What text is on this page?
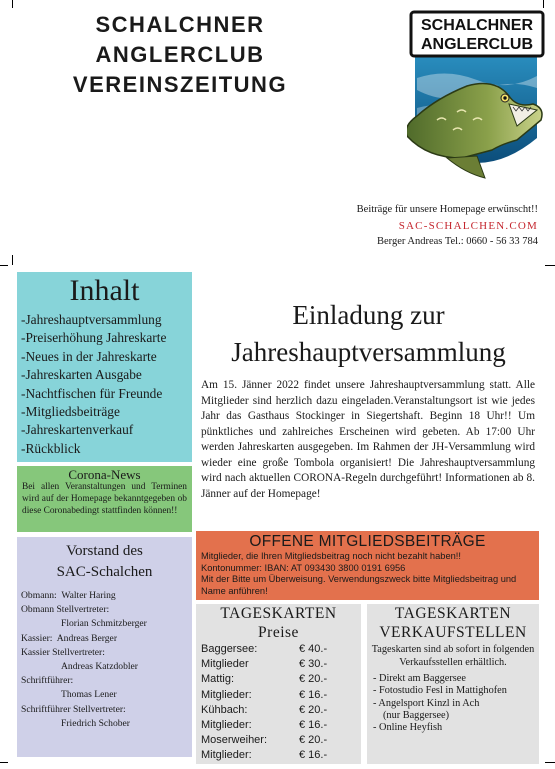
SCHALCHNER ANGLERCLUB
VEREINSZEITUNG
SCHALCHNER
ANGLERCLUB
Beiträge für unsere Homepage erwünscht!!
SAC-SCHALCHEN.COM
Berger Andreas Tel.: 0660 - 56 33 784
Inhalt
-Jahreshauptversammlung
-Preiserhöhung Jahreskarte
-Neues in der Jahreskarte
-Jahreskarten Ausgabe
-Nachtfischen für Freunde
-Mitgliedsbeiträge
-Jahreskartenverkauf
-Rückblick
Corona-News
Bei allen Veranstaltungen und Terminen wird auf der Homepage bekanntgegeben ob diese Coronabedingt stattfinden können!!
Vorstand des
SAC-Schalchen
Obmann: Walter Haring
Obmann Stellvertreter:
Florian Schmitzberger
Kassier: Andreas Berger
Kassier Stellvertreter:
Andreas Katzdobler
Schriftführer:
Thomas Lener
Schriftführer Stellvertreter:
Friedrich Schober
Einladung zur
Jahreshauptversammlung
Am 15. Jänner 2022 findet unsere Jahreshauptversammlung statt. Alle Mitglieder sind herzlich dazu eingeladen.Veranstaltungsort ist wie jedes Jahr das Gasthaus Stockinger in Siegertshaft. Beginn 18 Uhr!! Um pünktliches und zahlreiches Erscheinen wird gebeten. Ab 17:00 Uhr werden Jahreskarten ausgegeben. Im Rahmen der JH-Versammlung wird wieder eine große Tombola organisiert! Die Jahreshauptversammlung wird nach aktuellen CORONA-Regeln durchgeführt! Informationen ab 8. Jänner auf der Homepage!
OFFENE MITGLIEDSBEITRÄGE
Mitglieder, die Ihren Mitgliedsbeitrag noch nicht bezahlt haben!!
Kontonummer: IBAN: AT 093430 3800 0191 6956
Mit der Bitte um Überweisung. Verwendungszweck bitte Mitgliedsbeitrag und Name anführen!
TAGESKARTEN
Preise
Baggersee:	€ 40.-
Mitglieder	€ 30.-
Mattig:	€ 20.-
Mitglieder:	€ 16.-
Kühbach:	€ 20.-
Mitglieder:	€ 16.-
Moserweiher:	€ 20.-
Mitglieder:	€ 16.-
TAGESKARTEN
VERKAUFSTELLEN
Tageskarten sind ab sofort in folgenden Verkaufsstellen erhältlich.
- Direkt am Baggersee
- Fotostudio Fesl in Mattighofen
- Angelsport Kinzl in Ach
(nur Baggersee)
- Online Heyfish
